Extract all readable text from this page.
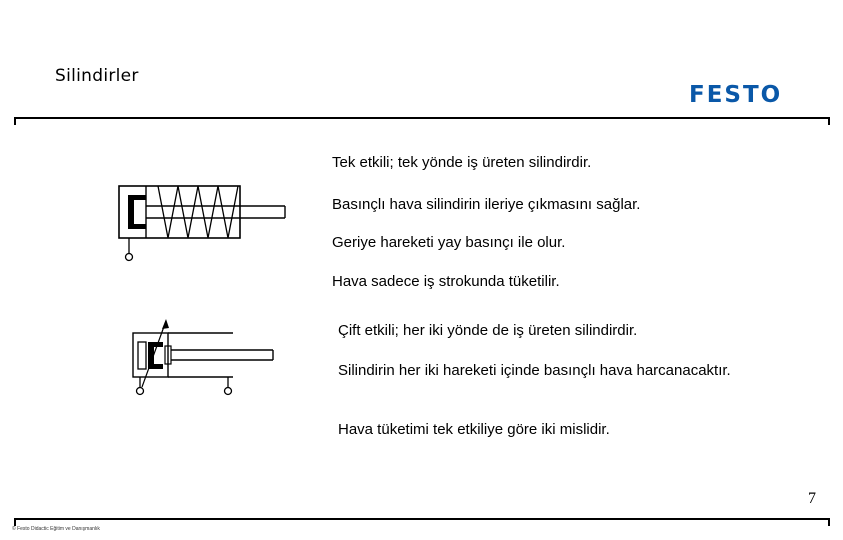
Silindirler
FESTO
Tek etkili; tek yönde iş üreten silindirdir.
Basınçlı hava silindirin ileriye çıkmasını sağlar.
Geriye hareketi yay basınçı ile olur.
Hava sadece iş strokunda tüketilir.
Çift etkili; her iki yönde de iş üreten silindirdir.
Silindirin her iki hareketi içinde basınçlı hava harcanacaktır.
Hava tüketimi tek etkiliye göre iki mislidir.
7
© Festo Didactic Eğitim ve Danışmanlık
